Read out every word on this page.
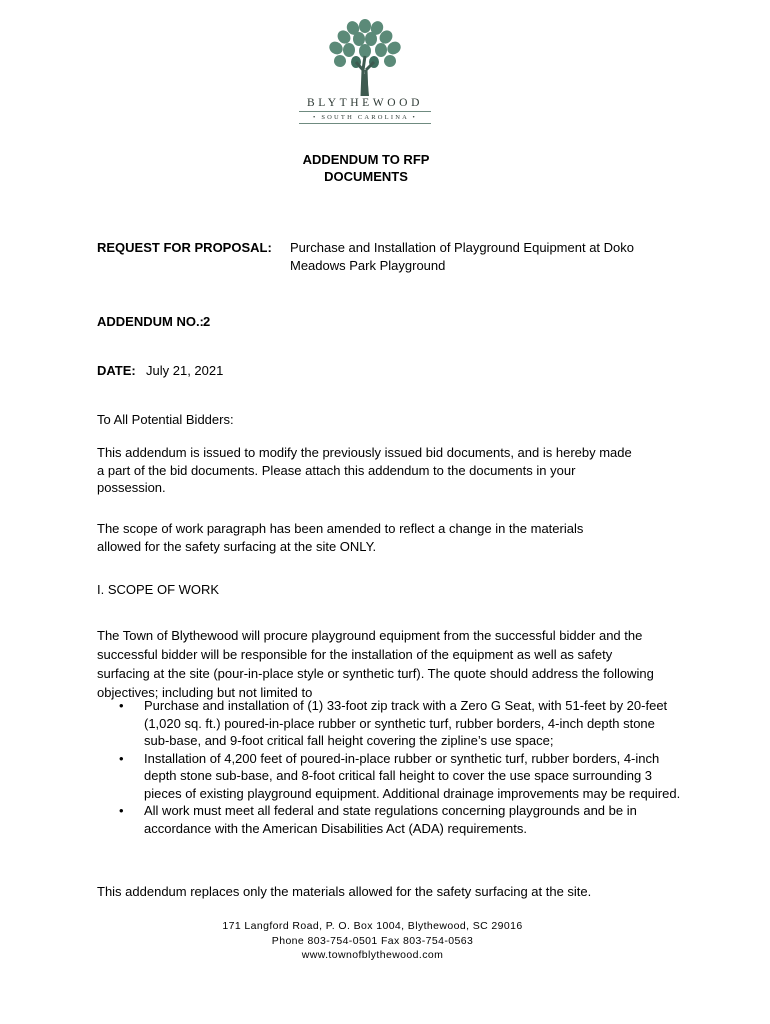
BLYTHEWOOD
• SOUTH CAROLINA •
ADDENDUM TO RFP
DOCUMENTS
REQUEST FOR PROPOSAL: Purchase and Installation of Playground Equipment at Doko
Meadows Park Playground
ADDENDUM NO.: 2
DATE: July 21, 2021
To All Potential Bidders:
This addendum is issued to modify the previously issued bid documents, and is hereby made a part of the bid documents. Please attach this addendum to the documents in your possession.
The scope of work paragraph has been amended to reflect a change in the materials allowed for the safety surfacing at the site ONLY.
I. SCOPE OF WORK
The Town of Blythewood will procure playground equipment from the successful bidder and the successful bidder will be responsible for the installation of the equipment as well as safety surfacing at the site (pour-in-place style or synthetic turf). The quote should address the following objectives; including but not limited to
• Purchase and installation of (1) 33-foot zip track with a Zero G Seat, with 51-feet by 20-feet (1,020 sq. ft.) poured-in-place rubber or synthetic turf, rubber borders, 4-inch depth stone sub-base, and 9-foot critical fall height covering the zipline’s use space;
• Installation of 4,200 feet of poured-in-place rubber or synthetic turf, rubber borders, 4-inch depth stone sub-base, and 8-foot critical fall height to cover the use space surrounding 3 pieces of existing playground equipment. Additional drainage improvements may be required.
• All work must meet all federal and state regulations concerning playgrounds and be in accordance with the American Disabilities Act (ADA) requirements.
This addendum replaces only the materials allowed for the safety surfacing at the site.
171 Langford Road, P. O. Box 1004, Blythewood, SC 29016
Phone 803-754-0501 Fax 803-754-0563
www.townofblythewood.com
